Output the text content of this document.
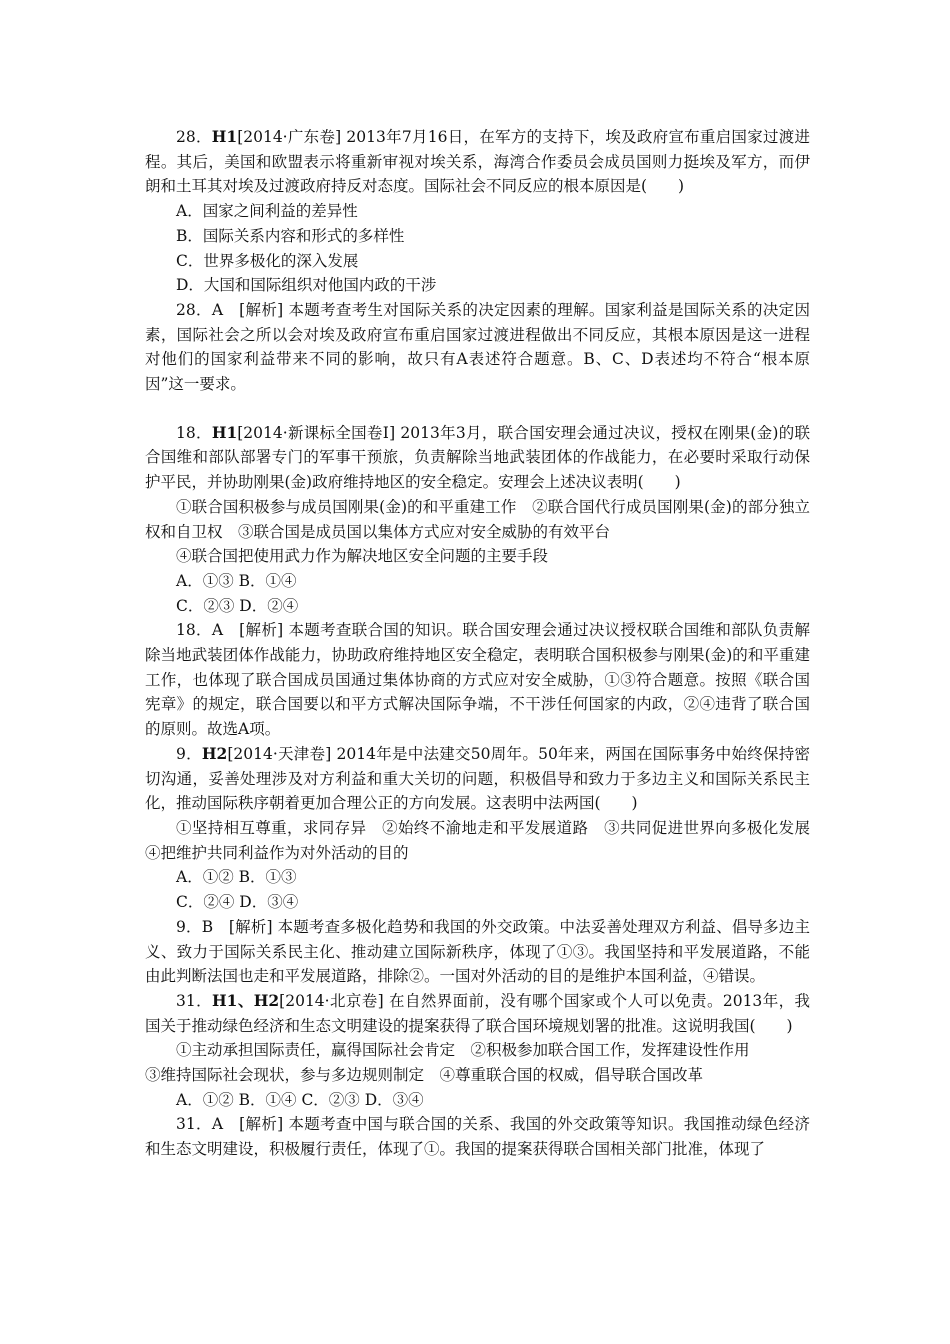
28．H1[2014·广东卷] 2013年7月16日，在军方的支持下，埃及政府宣布重启国家过渡进程。其后，美国和欧盟表示将重新审视对埃关系，海湾合作委员会成员国则力挺埃及军方，而伊朗和土耳其对埃及过渡政府持反对态度。国际社会不同反应的根本原因是(　　)

A．国家之间利益的差异性

B．国际关系内容和形式的多样性

C．世界多极化的深入发展

D．大国和国际组织对他国内政的干涉

28．A　[解析] 本题考查考生对国际关系的决定因素的理解。国家利益是国际关系的决定因素，国际社会之所以会对埃及政府宣布重启国家过渡进程做出不同反应，其根本原因是这一进程对他们的国家利益带来不同的影响，故只有A表述符合题意。B、C、D表述均不符合“根本原因”这一要求。

18．H1[2014·新课标全国卷Ⅰ] 2013年3月，联合国安理会通过决议，授权在刚果(金)的联合国维和部队部署专门的军事干预旅，负责解除当地武装团体的作战能力，在必要时采取行动保护平民，并协助刚果(金)政府维持地区的安全稳定。安理会上述决议表明(　　)

①联合国积极参与成员国刚果(金)的和平重建工作　②联合国代行成员国刚果(金)的部分独立权和自卫权　③联合国是成员国以集体方式应对安全威胁的有效平台

④联合国把使用武力作为解决地区安全问题的主要手段

A．①③ B．①④

C．②③ D．②④

18．A　[解析] 本题考查联合国的知识。联合国安理会通过决议授权联合国维和部队负责解除当地武装团体作战能力，协助政府维持地区安全稳定，表明联合国积极参与刚果(金)的和平重建工作，也体现了联合国成员国通过集体协商的方式应对安全威胁，①③符合题意。按照《联合国宪章》的规定，联合国要以和平方式解决国际争端，不干涉任何国家的内政，②④违背了联合国的原则。故选A项。

9．H2[2014·天津卷] 2014年是中法建交50周年。50年来，两国在国际事务中始终保持密切沟通，妥善处理涉及对方利益和重大关切的问题，积极倡导和致力于多边主义和国际关系民主化，推动国际秩序朝着更加合理公正的方向发展。这表明中法两国(　　)

①坚持相互尊重，求同存异　②始终不渝地走和平发展道路　③共同促进世界向多极化发展　④把维护共同利益作为对外活动的目的

A．①② B．①③

C．②④ D．③④

9．B　[解析] 本题考查多极化趋势和我国的外交政策。中法妥善处理双方利益、倡导多边主义、致力于国际关系民主化、推动建立国际新秩序，体现了①③。我国坚持和平发展道路，不能由此判断法国也走和平发展道路，排除②。一国对外活动的目的是维护本国利益，④错误。

31．H1、H2[2014·北京卷] 在自然界面前，没有哪个国家或个人可以免责。2013年，我国关于推动绿色经济和生态文明建设的提案获得了联合国环境规划署的批准。这说明我国(　　)

①主动承担国际责任，赢得国际社会肯定　②积极参加联合国工作，发挥建设性作用
③维持国际社会现状，参与多边规则制定　④尊重联合国的权威，倡导联合国改革

A．①② B．①④ C．②③ D．③④

31．A　[解析] 本题考查中国与联合国的关系、我国的外交政策等知识。我国推动绿色经济和生态文明建设，积极履行责任，体现了①。我国的提案获得联合国相关部门批准，体现了
